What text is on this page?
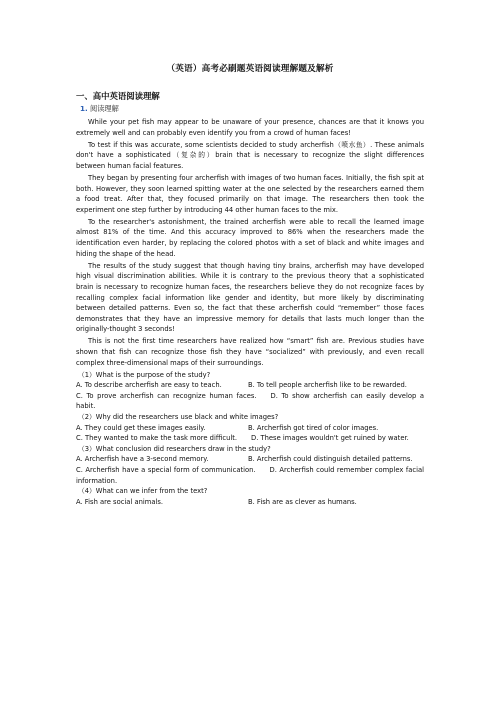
（英语）高考必刷题英语阅读理解题及解析
一、高中英语阅读理解
1. 阅读理解

While your pet fish may appear to be unaware of your presence, chances are that it knows you extremely well and can probably even identify you from a crowd of human faces!

To test if this was accurate, some scientists decided to study archerfish（喷水鱼）. These animals don't have a sophisticated（复杂的）brain that is necessary to recognize the slight differences between human facial features.

They began by presenting four archerfish with images of two human faces. Initially, the fish spit at both. However, they soon learned spitting water at the one selected by the researchers earned them a food treat. After that, they focused primarily on that image. The researchers then took the experiment one step further by introducing 44 other human faces to the mix.

To the researcher's astonishment, the trained archerfish were able to recall the learned image almost 81% of the time. And this accuracy improved to 86% when the researchers made the identification even harder, by replacing the colored photos with a set of black and white images and hiding the shape of the head.

The results of the study suggest that though having tiny brains, archerfish may have developed high visual discrimination abilities. While it is contrary to the previous theory that a sophisticated brain is necessary to recognize human faces, the researchers believe they do not recognize faces by recalling complex facial information like gender and identity, but more likely by discriminating between detailed patterns. Even so, the fact that these archerfish could “remember” those faces demonstrates that they have an impressive memory for details that lasts much longer than the originally-thought 3 seconds!

This is not the first time researchers have realized how “smart” fish are. Previous studies have shown that fish can recognize those fish they have “socialized” with previously, and even recall complex three-dimensional maps of their surroundings.

（1）What is the purpose of the study?
A. To describe archerfish are easy to teach.	B. To tell people archerfish like to be rewarded.
C. To prove archerfish can recognize human faces. D. To show archerfish can easily develop a habit.
（2）Why did the researchers use black and white images?
A. They could get these images easily.	B. Archerfish got tired of color images.
C. They wanted to make the task more difficult. D. These images wouldn't get ruined by water.
（3）What conclusion did researchers draw in the study?
A. Archerfish have a 3-second memory.	B. Archerfish could distinguish detailed patterns.
C. Archerfish have a special form of communication. D. Archerfish could remember complex facial information.
（4）What can we infer from the text?
A. Fish are social animals.	B. Fish are as clever as humans.
